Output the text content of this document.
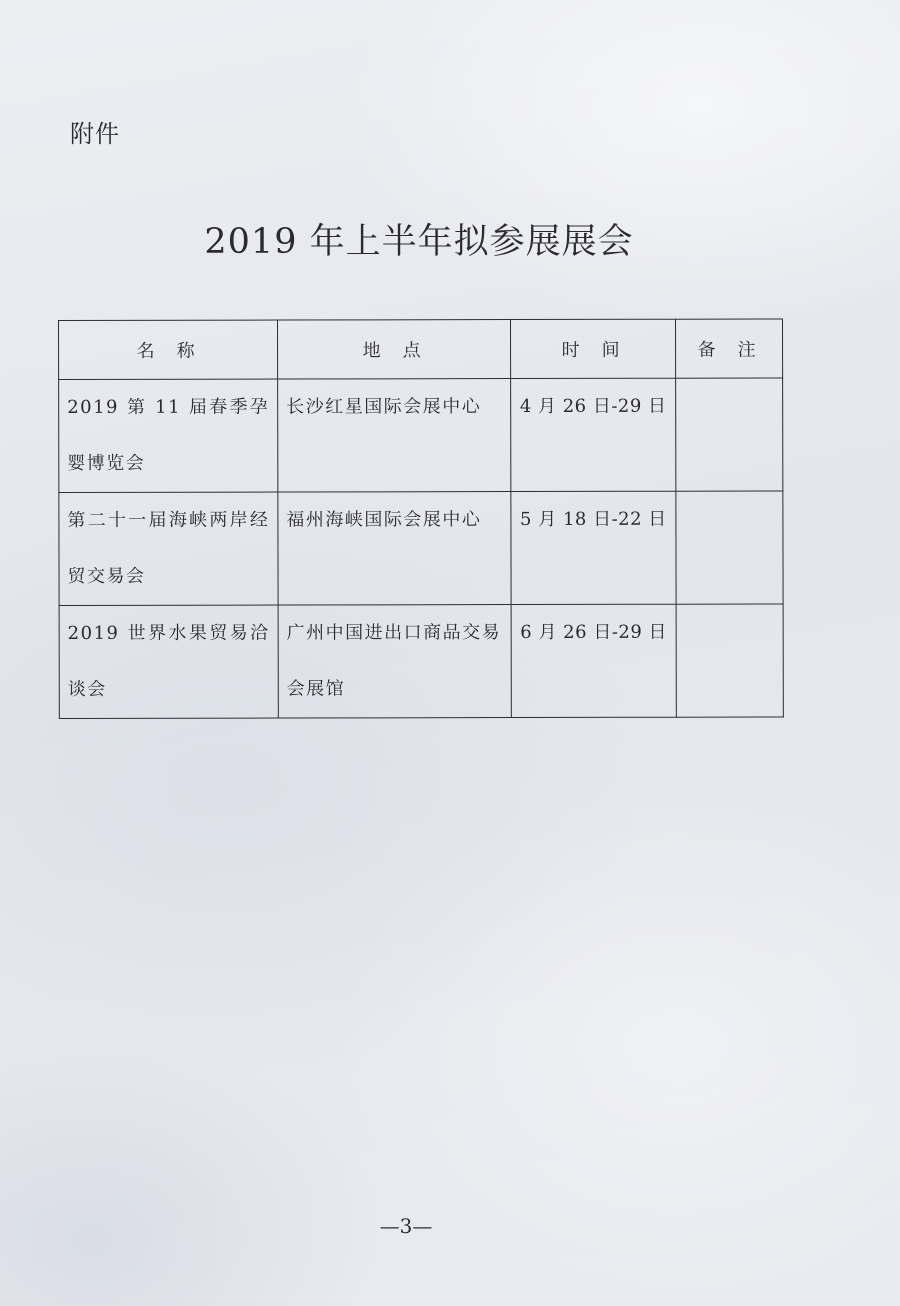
附件
2019 年上半年拟参展展会
名称	地点	时间	备注
2019 第 11 届春季孕婴博览会	长沙红星国际会展中心	4 月 26 日-29 日	
第二十一届海峡两岸经贸交易会	福州海峡国际会展中心	5 月 18 日-22 日	
2019 世界水果贸易洽谈会	广州中国进出口商品交易会展馆	6 月 26 日-29 日	
—3—
